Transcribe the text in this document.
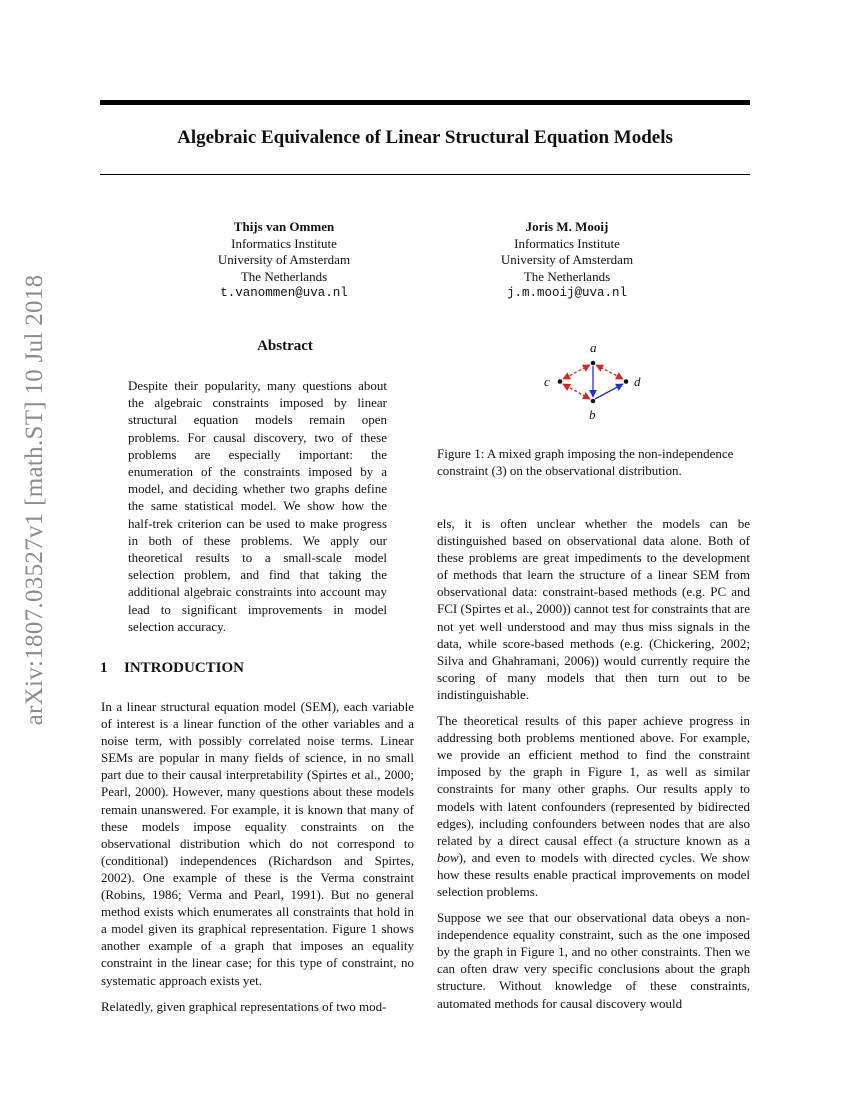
Algebraic Equivalence of Linear Structural Equation Models
arXiv:1807.03527v1 [math.ST] 10 Jul 2018
Thijs van Ommen
Informatics Institute
University of Amsterdam
The Netherlands
t.vanommen@uva.nl
Joris M. Mooij
Informatics Institute
University of Amsterdam
The Netherlands
j.m.mooij@uva.nl
Abstract
Despite their popularity, many questions about the algebraic constraints imposed by linear structural equation models remain open problems. For causal discovery, two of these problems are especially important: the enumeration of the constraints imposed by a model, and deciding whether two graphs define the same statistical model. We show how the half-trek criterion can be used to make progress in both of these problems. We apply our theoretical results to a small-scale model selection problem, and find that taking the additional algebraic constraints into account may lead to significant improvements in model selection accuracy.
1 INTRODUCTION

In a linear structural equation model (SEM), each variable of interest is a linear function of the other variables and a noise term, with possibly correlated noise terms. Linear SEMs are popular in many fields of science, in no small part due to their causal interpretability (Spirtes et al., 2000; Pearl, 2000). However, many questions about these models remain unanswered. For example, it is known that many of these models impose equality constraints on the observational distribution which do not correspond to (conditional) independences (Richardson and Spirtes, 2002). One example of these is the Verma constraint (Robins, 1986; Verma and Pearl, 1991). But no general method exists which enumerates all constraints that hold in a model given its graphical representation. Figure 1 shows another example of a graph that imposes an equality constraint in the linear case; for this type of constraint, no systematic approach exists yet.

Relatedly, given graphical representations of two mod-

a
b
c	d
Figure 1: A mixed graph imposing the non-independence constraint (3) on the observational distribution.

els, it is often unclear whether the models can be distinguished based on observational data alone. Both of these problems are great impediments to the development of methods that learn the structure of a linear SEM from observational data: constraint-based methods (e.g. PC and FCI (Spirtes et al., 2000)) cannot test for constraints that are not yet well understood and may thus miss signals in the data, while score-based methods (e.g. (Chickering, 2002; Silva and Ghahramani, 2006)) would currently require the scoring of many models that then turn out to be indistinguishable.

The theoretical results of this paper achieve progress in addressing both problems mentioned above. For example, we provide an efficient method to find the constraint imposed by the graph in Figure 1, as well as similar constraints for many other graphs. Our results apply to models with latent confounders (represented by bidirected edges), including confounders between nodes that are also related by a direct causal effect (a structure known as a bow), and even to models with directed cycles. We show how these results enable practical improvements on model selection problems.

Suppose we see that our observational data obeys a non-independence equality constraint, such as the one imposed by the graph in Figure 1, and no other constraints. Then we can often draw very specific conclusions about the graph structure. Without knowledge of these constraints, automated methods for causal discovery would
